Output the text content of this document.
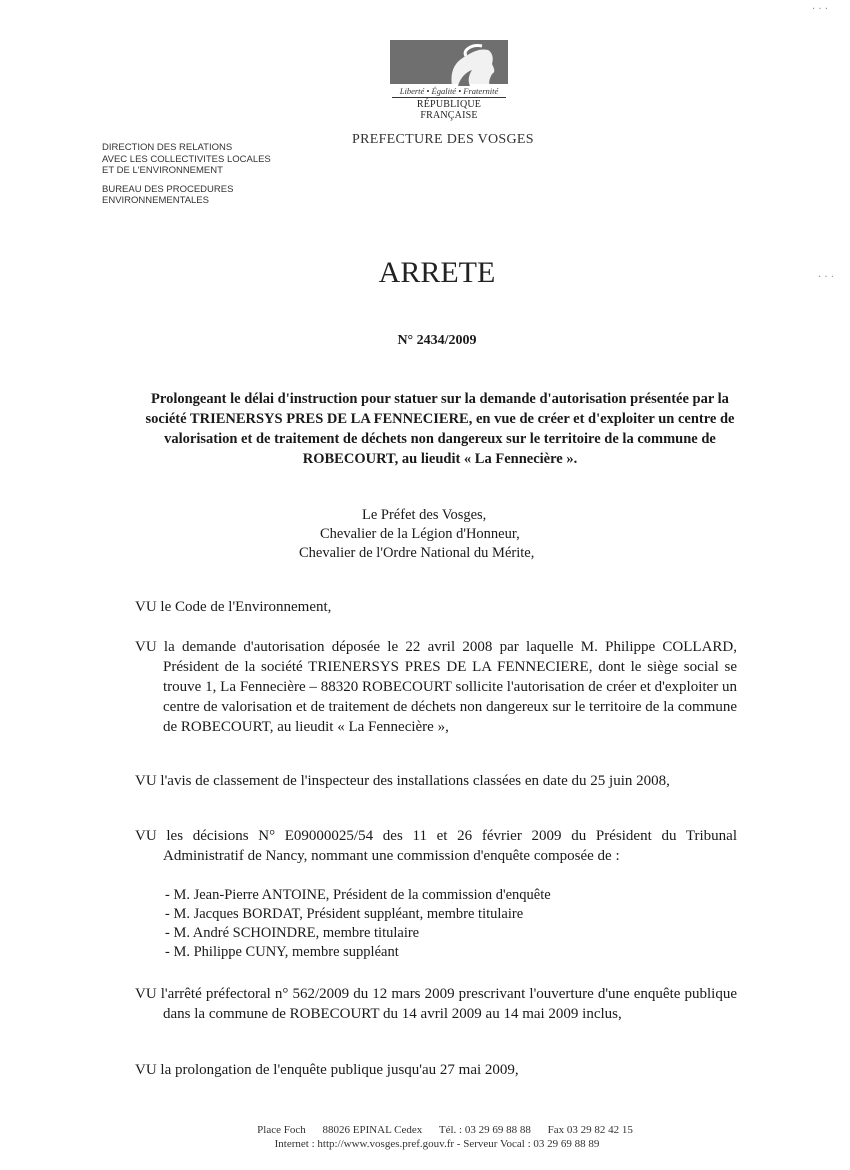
Liberté • Égalité • Fraternité
RÉPUBLIQUE FRANÇAISE
PREFECTURE DES VOSGES
DIRECTION DES RELATIONS
AVEC LES COLLECTIVITES LOCALES
ET DE L'ENVIRONNEMENT
BUREAU DES PROCEDURES
ENVIRONNEMENTALES
· · ·
· · ·
ARRETE
N° 2434/2009
Prolongeant le délai d'instruction pour statuer sur la demande d'autorisation présentée par la société TRIENERSYS PRES DE LA FENNECIERE, en vue de créer et d'exploiter un centre de valorisation et de traitement de déchets non dangereux sur le territoire de la commune de ROBECOURT, au lieudit « La Fennecière ».
Le Préfet des Vosges,
Chevalier de la Légion d'Honneur,
Chevalier de l'Ordre National du Mérite,

VU le Code de l'Environnement,

VU la demande d'autorisation déposée le 22 avril 2008 par laquelle M. Philippe COLLARD, Président de la société TRIENERSYS PRES DE LA FENNECIERE, dont le siège social se trouve 1, La Fennecière – 88320 ROBECOURT sollicite l'autorisation de créer et d'exploiter un centre de valorisation et de traitement de déchets non dangereux sur le territoire de la commune de ROBECOURT, au lieudit « La Fennecière »,

VU l'avis de classement de l'inspecteur des installations classées en date du 25 juin 2008,

VU les décisions N° E09000025/54 des 11 et 26 février 2009 du Président du Tribunal Administratif de Nancy, nommant une commission d'enquête composée de :

- M. Jean-Pierre ANTOINE, Président de la commission d'enquête
- M. Jacques BORDAT, Président suppléant, membre titulaire
- M. André SCHOINDRE, membre titulaire
- M. Philippe CUNY, membre suppléant

VU l'arrêté préfectoral n° 562/2009 du 12 mars 2009 prescrivant l'ouverture d'une enquête publique dans la commune de ROBECOURT du 14 avril 2009 au 14 mai 2009 inclus,

VU la prolongation de l'enquête publique jusqu'au 27 mai 2009,

Place Foch 88026 EPINAL Cedex Tél. : 03 29 69 88 88 Fax 03 29 82 42 15
Internet : http://www.vosges.pref.gouv.fr - Serveur Vocal : 03 29 69 88 89
